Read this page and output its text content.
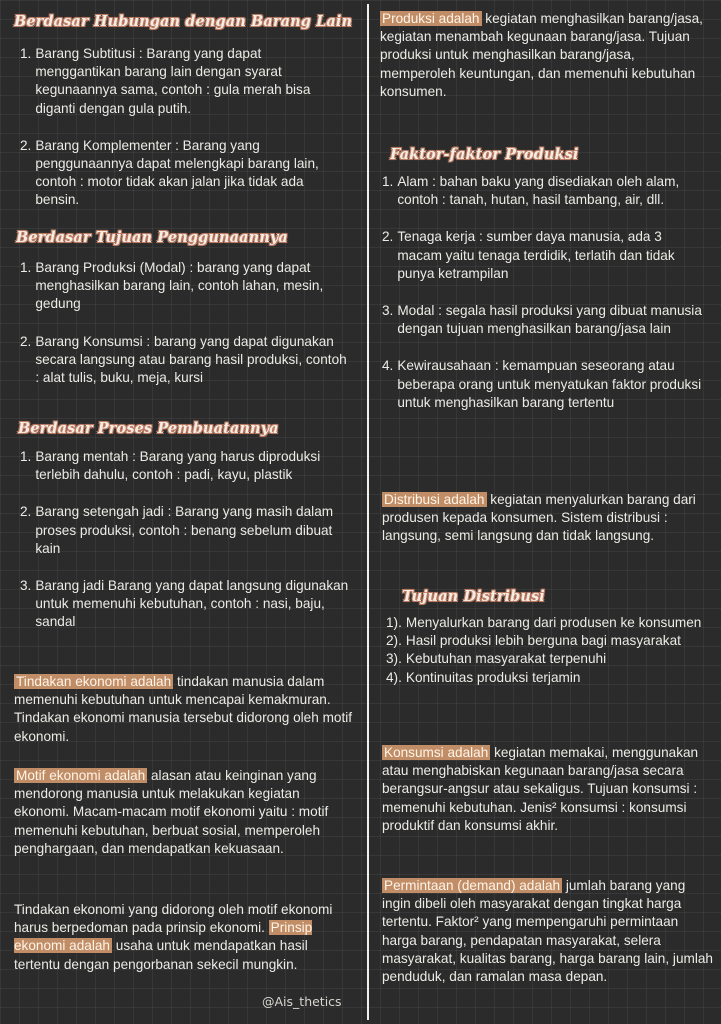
Berdasar Hubungan dengan Barang Lain
1. Barang Subtitusi : Barang yang dapat menggantikan barang lain dengan syarat kegunaannya sama, contoh : gula merah bisa diganti dengan gula putih.
2. Barang Komplementer : Barang yang penggunaannya dapat melengkapi barang lain, contoh : motor tidak akan jalan jika tidak ada bensin.
Berdasar Tujuan Penggunaannya
1. Barang Produksi (Modal) : barang yang dapat menghasilkan barang lain, contoh lahan, mesin, gedung
2. Barang Konsumsi : barang yang dapat digunakan secara langsung atau barang hasil produksi, contoh : alat tulis, buku, meja, kursi
Berdasar Proses Pembuatannya
1. Barang mentah : Barang yang harus diproduksi terlebih dahulu, contoh : padi, kayu, plastik
2. Barang setengah jadi : Barang yang masih dalam proses produksi, contoh : benang sebelum dibuat kain
3. Barang jadi Barang yang dapat langsung digunakan untuk memenuhi kebutuhan, contoh : nasi, baju, sandal
Tindakan ekonomi adalah tindakan manusia dalam memenuhi kebutuhan untuk mencapai kemakmuran. Tindakan ekonomi manusia tersebut didorong oleh motif ekonomi.
Motif ekonomi adalah alasan atau keinginan yang mendorong manusia untuk melakukan kegiatan ekonomi. Macam-macam motif ekonomi yaitu : motif memenuhi kebutuhan, berbuat sosial, memperoleh penghargaan, dan mendapatkan kekuasaan.
Tindakan ekonomi yang didorong oleh motif ekonomi harus berpedoman pada prinsip ekonomi. Prinsip ekonomi adalah usaha untuk mendapatkan hasil tertentu dengan pengorbanan sekecil mungkin.
Produksi adalah kegiatan menghasilkan barang/jasa, kegiatan menambah kegunaan barang/jasa. Tujuan produksi untuk menghasilkan barang/jasa, memperoleh keuntungan, dan memenuhi kebutuhan konsumen.
Faktor-faktor Produksi
1. Alam : bahan baku yang disediakan oleh alam, contoh : tanah, hutan, hasil tambang, air, dll.
2. Tenaga kerja : sumber daya manusia, ada 3 macam yaitu tenaga terdidik, terlatih dan tidak punya ketrampilan
3. Modal : segala hasil produksi yang dibuat manusia dengan tujuan menghasilkan barang/jasa lain
4. Kewirausahaan : kemampuan seseorang atau beberapa orang untuk menyatukan faktor produksi untuk menghasilkan barang tertentu
Distribusi adalah kegiatan menyalurkan barang dari produsen kepada konsumen. Sistem distribusi : langsung, semi langsung dan tidak langsung.
Tujuan Distribusi
1). Menyalurkan barang dari produsen ke konsumen
2). Hasil produksi lebih berguna bagi masyarakat
3). Kebutuhan masyarakat terpenuhi
4). Kontinuitas produksi terjamin
Konsumsi adalah kegiatan memakai, menggunakan atau menghabiskan kegunaan barang/jasa secara berangsur-angsur atau sekaligus. Tujuan konsumsi : memenuhi kebutuhan. Jenis² konsumsi : konsumsi produktif dan konsumsi akhir.
Permintaan (demand) adalah jumlah barang yang ingin dibeli oleh masyarakat dengan tingkat harga tertentu. Faktor² yang mempengaruhi permintaan harga barang, pendapatan masyarakat, selera masyarakat, kualitas barang, harga barang lain, jumlah penduduk, dan ramalan masa depan.
@Ais_thetics
